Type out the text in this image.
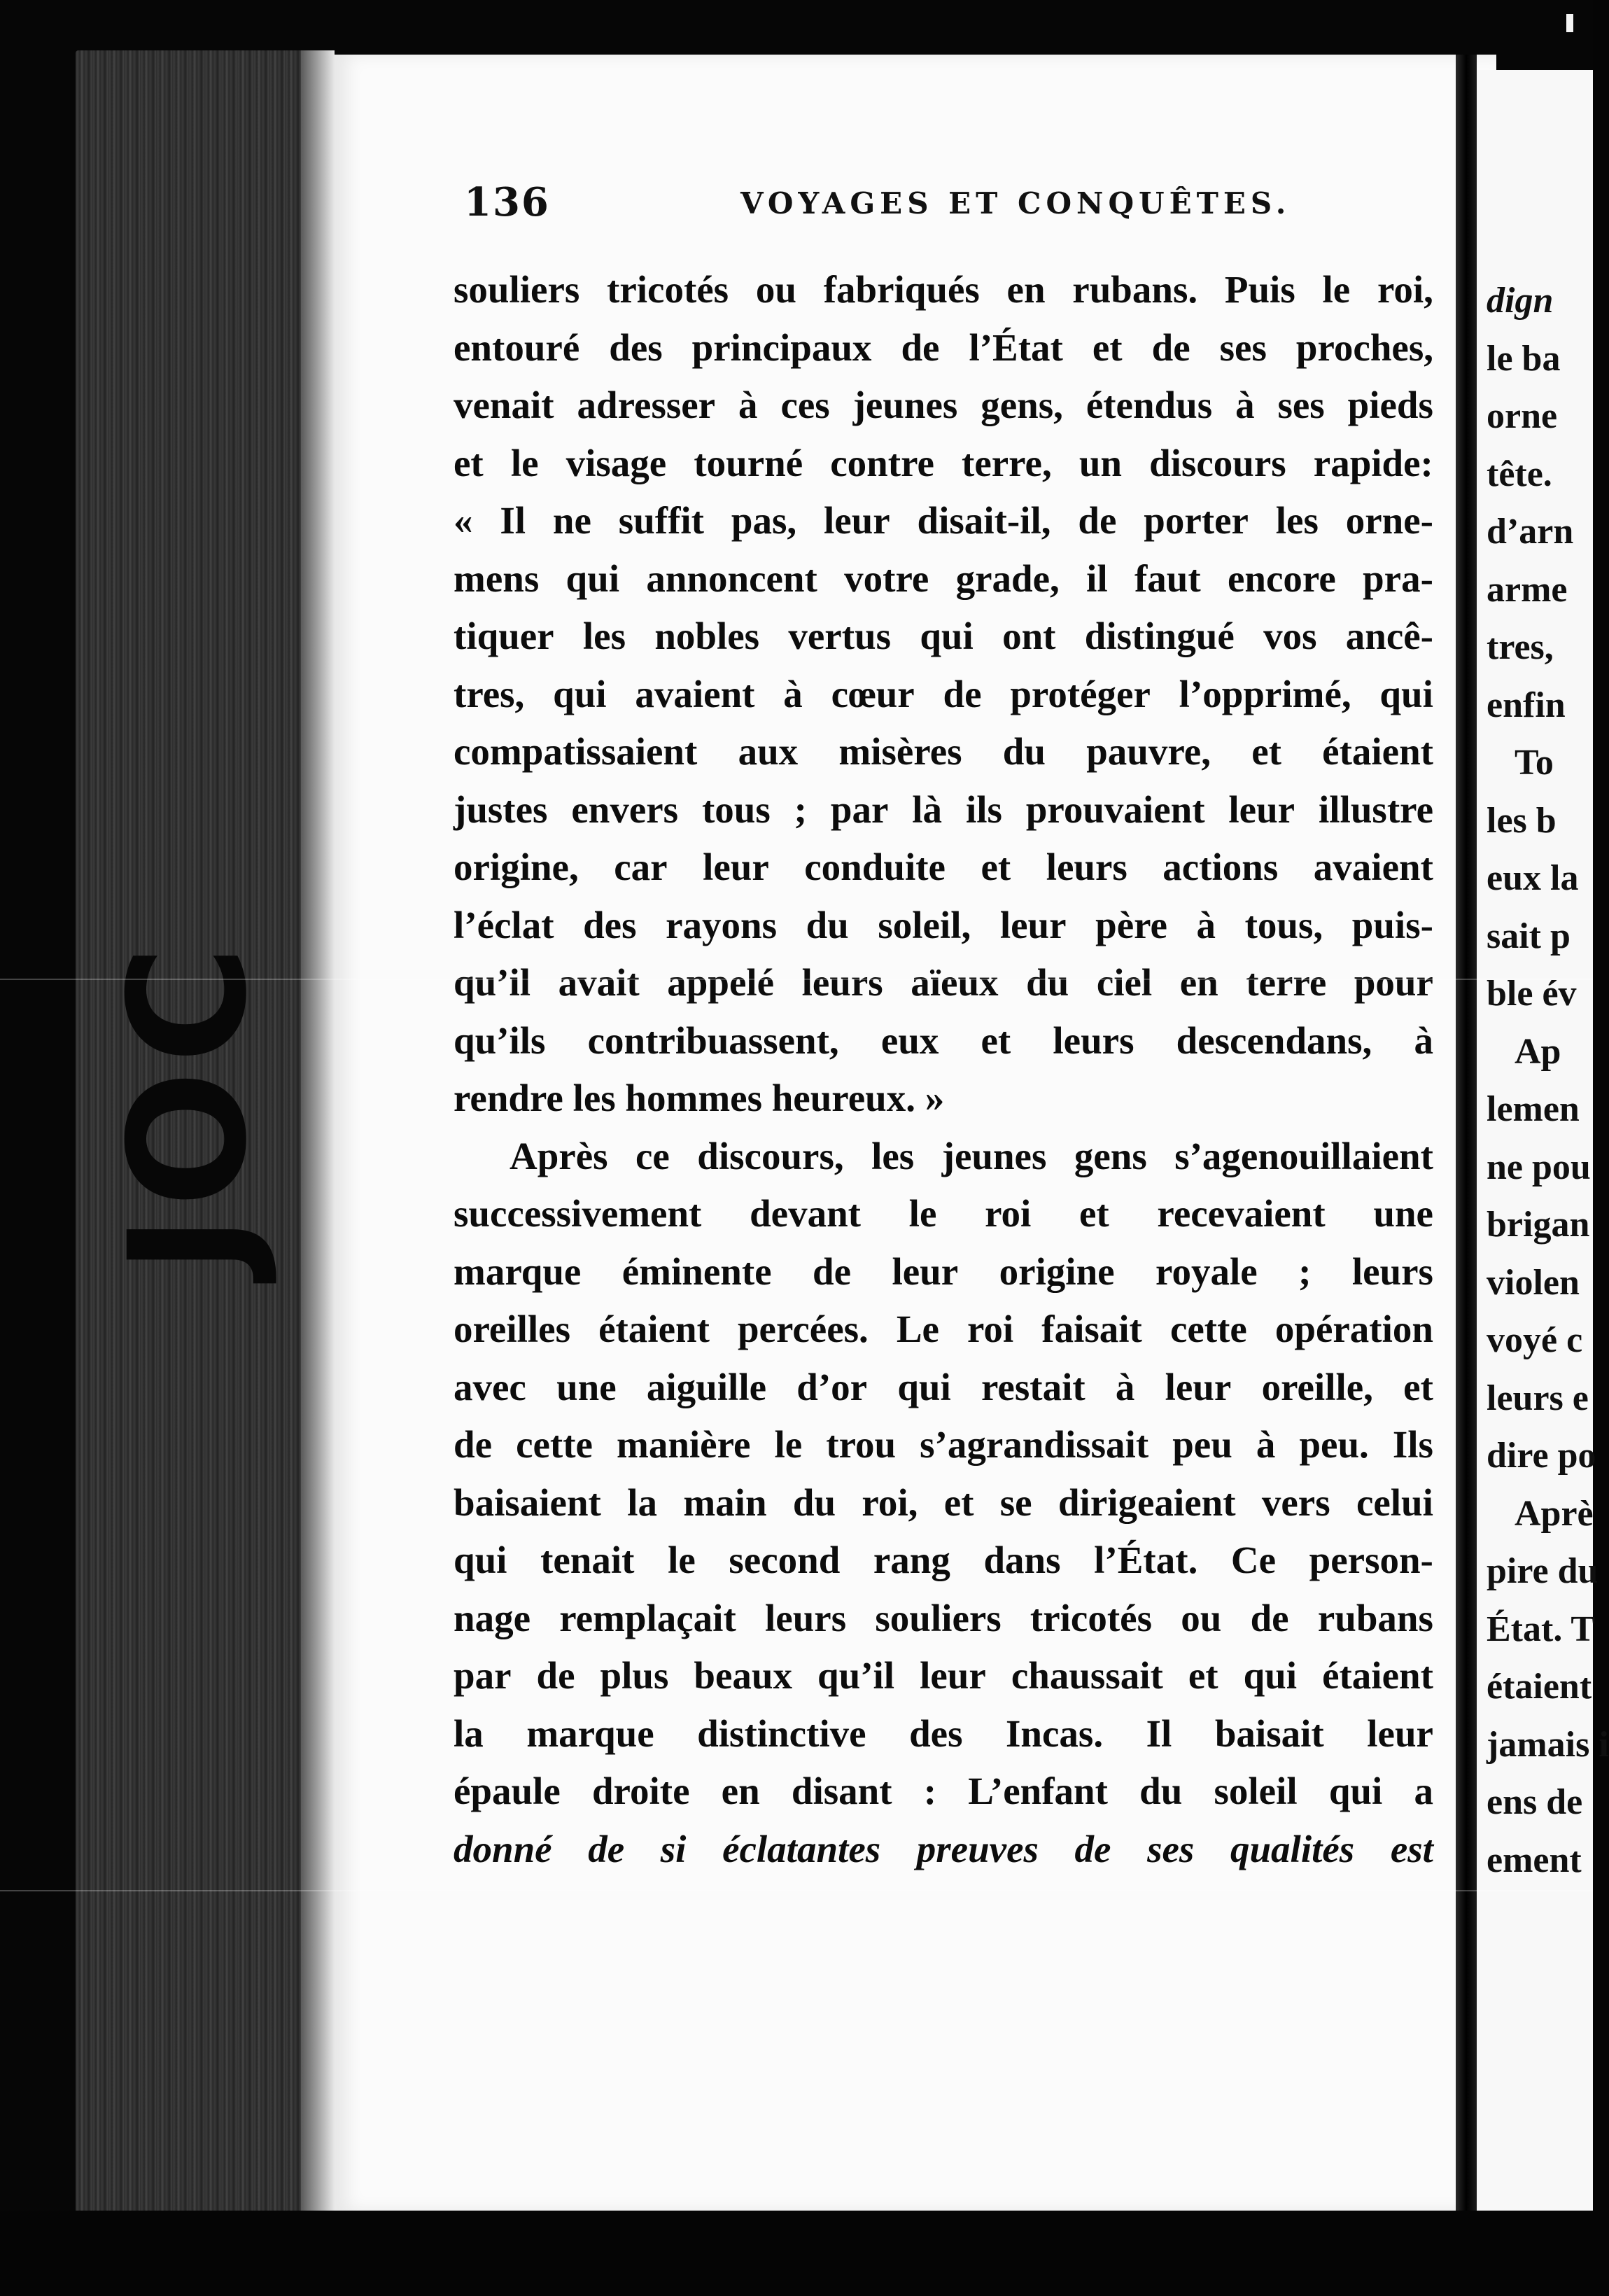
JOC
136	VOYAGES ET CONQUÊTES.
souliers tricotés ou fabriqués en rubans. Puis le roi,
entouré des principaux de l’État et de ses proches,
venait adresser à ces jeunes gens, étendus à ses pieds
et le visage tourné contre terre, un discours rapide:
« Il ne suffit pas, leur disait-il, de porter les orne-
mens qui annoncent votre grade, il faut encore pra-
tiquer les nobles vertus qui ont distingué vos ancê-
tres, qui avaient à cœur de protéger l’opprimé, qui
compatissaient aux misères du pauvre, et étaient
justes envers tous ; par là ils prouvaient leur illustre
origine, car leur conduite et leurs actions avaient
l’éclat des rayons du soleil, leur père à tous, puis-
qu’il avait appelé leurs aïeux du ciel en terre pour
qu’ils contribuassent, eux et leurs descendans, à
rendre les hommes heureux. »
Après ce discours, les jeunes gens s’agenouillaient
successivement devant le roi et recevaient une
marque éminente de leur origine royale ; leurs
oreilles étaient percées. Le roi faisait cette opération
avec une aiguille d’or qui restait à leur oreille, et
de cette manière le trou s’agrandissait peu à peu. Ils
baisaient la main du roi, et se dirigeaient vers celui
qui tenait le second rang dans l’État. Ce person-
nage remplaçait leurs souliers tricotés ou de rubans
par de plus beaux qu’il leur chaussait et qui étaient
la marque distinctive des Incas. Il baisait leur
épaule droite en disant : L’enfant du soleil qui a
donné de si éclatantes preuves de ses qualités est
dign
le ba
orne
tête.
d’arn
arme
tres,
enfin
To
les b
eux la
sait p
ble év
Ap
lemen
ne pou
brigan
violen
voyé c
leurs e
dire po
Aprè
pire du
État. T
étaient
jamais i
ens de
ement
